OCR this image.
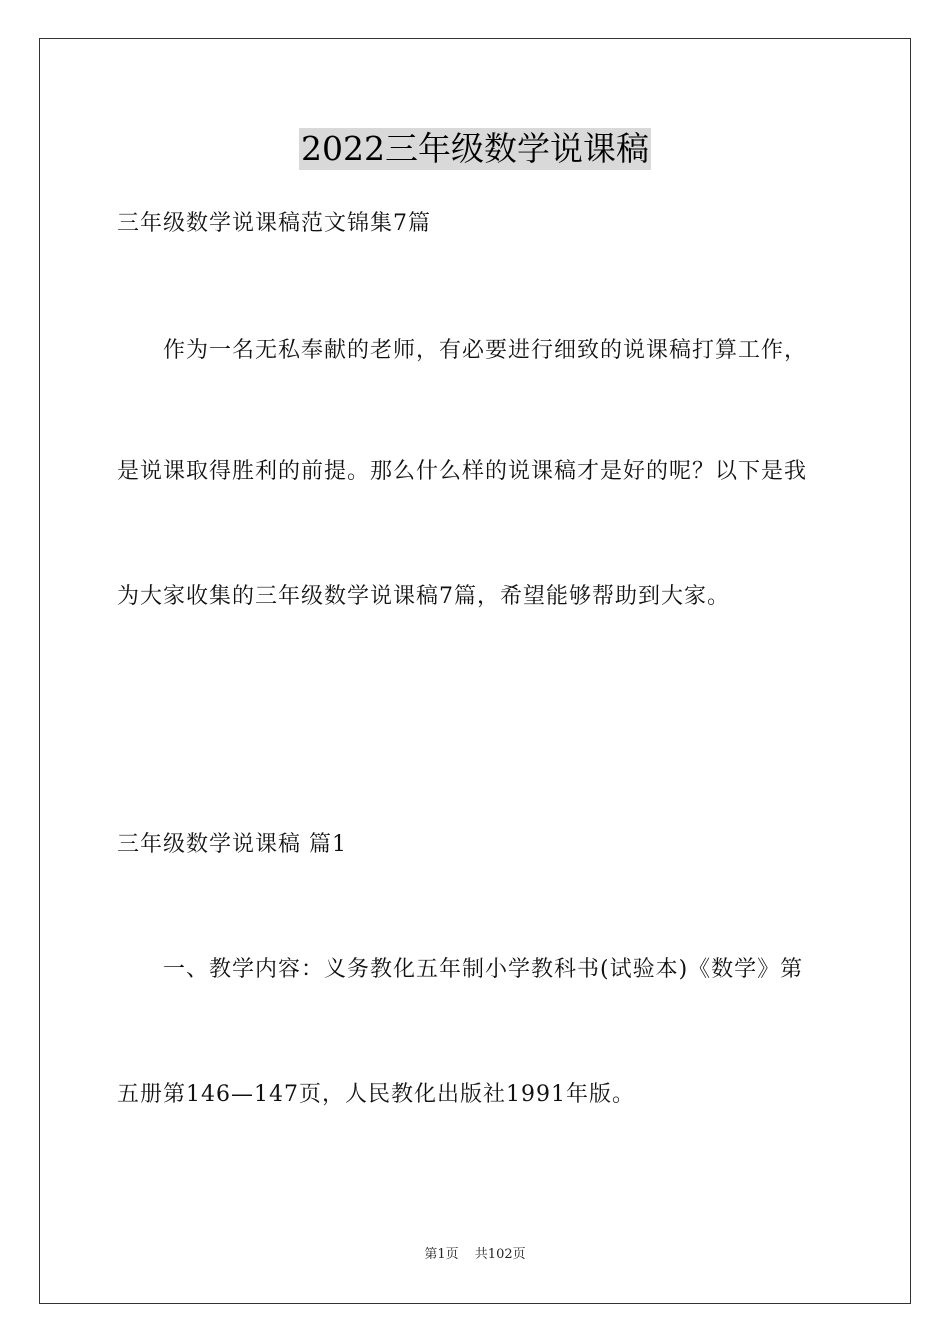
2022三年级数学说课稿
三年级数学说课稿范文锦集7篇
作为一名无私奉献的老师，有必要进行细致的说课稿打算工作，
是说课取得胜利的前提。那么什么样的说课稿才是好的呢？以下是我
为大家收集的三年级数学说课稿7篇，希望能够帮助到大家。
三年级数学说课稿 篇1
一、教学内容：义务教化五年制小学教科书(试验本)《数学》第
五册第146—147页，人民教化出版社1991年版。
第1页 共102页
